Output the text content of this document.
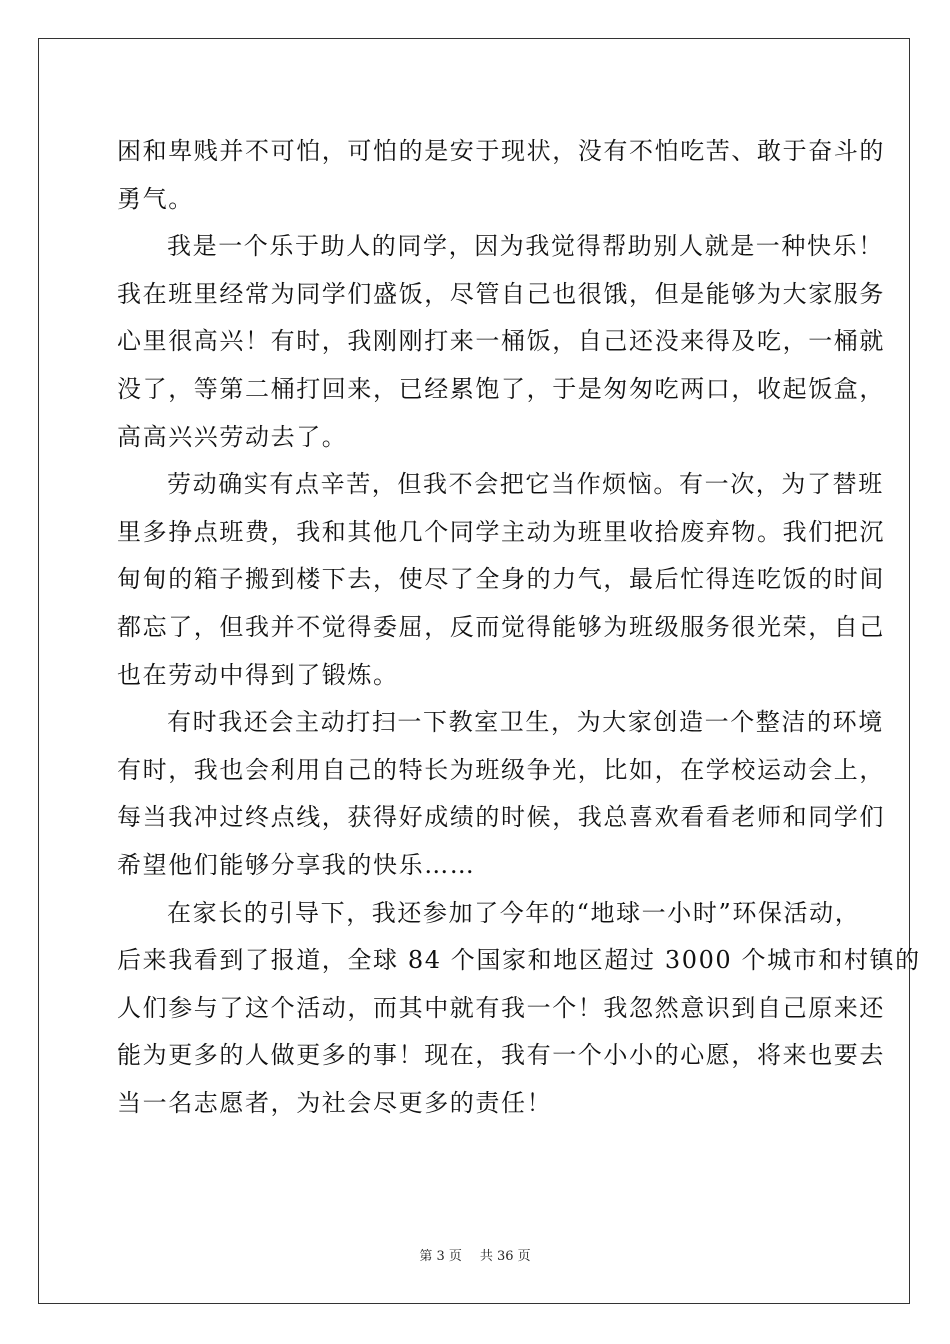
困和卑贱并不可怕，可怕的是安于现状，没有不怕吃苦、敢于奋斗的
勇气。
我是一个乐于助人的同学，因为我觉得帮助别人就是一种快乐！
我在班里经常为同学们盛饭，尽管自己也很饿，但是能够为大家服务
心里很高兴！有时，我刚刚打来一桶饭，自己还没来得及吃，一桶就
没了，等第二桶打回来，已经累饱了，于是匆匆吃两口，收起饭盒，
高高兴兴劳动去了。
劳动确实有点辛苦，但我不会把它当作烦恼。有一次，为了替班
里多挣点班费，我和其他几个同学主动为班里收拾废弃物。我们把沉
甸甸的箱子搬到楼下去，使尽了全身的力气，最后忙得连吃饭的时间
都忘了，但我并不觉得委屈，反而觉得能够为班级服务很光荣，自己
也在劳动中得到了锻炼。
有时我还会主动打扫一下教室卫生，为大家创造一个整洁的环境
有时，我也会利用自己的特长为班级争光，比如，在学校运动会上，
每当我冲过终点线，获得好成绩的时候，我总喜欢看看老师和同学们
希望他们能够分享我的快乐……
在家长的引导下，我还参加了今年的“地球一小时”环保活动，
后来我看到了报道，全球 84 个国家和地区超过 3000 个城市和村镇的
人们参与了这个活动，而其中就有我一个！我忽然意识到自己原来还
能为更多的人做更多的事！现在，我有一个小小的心愿，将来也要去
当一名志愿者，为社会尽更多的责任！
第 3 页 共 36 页
